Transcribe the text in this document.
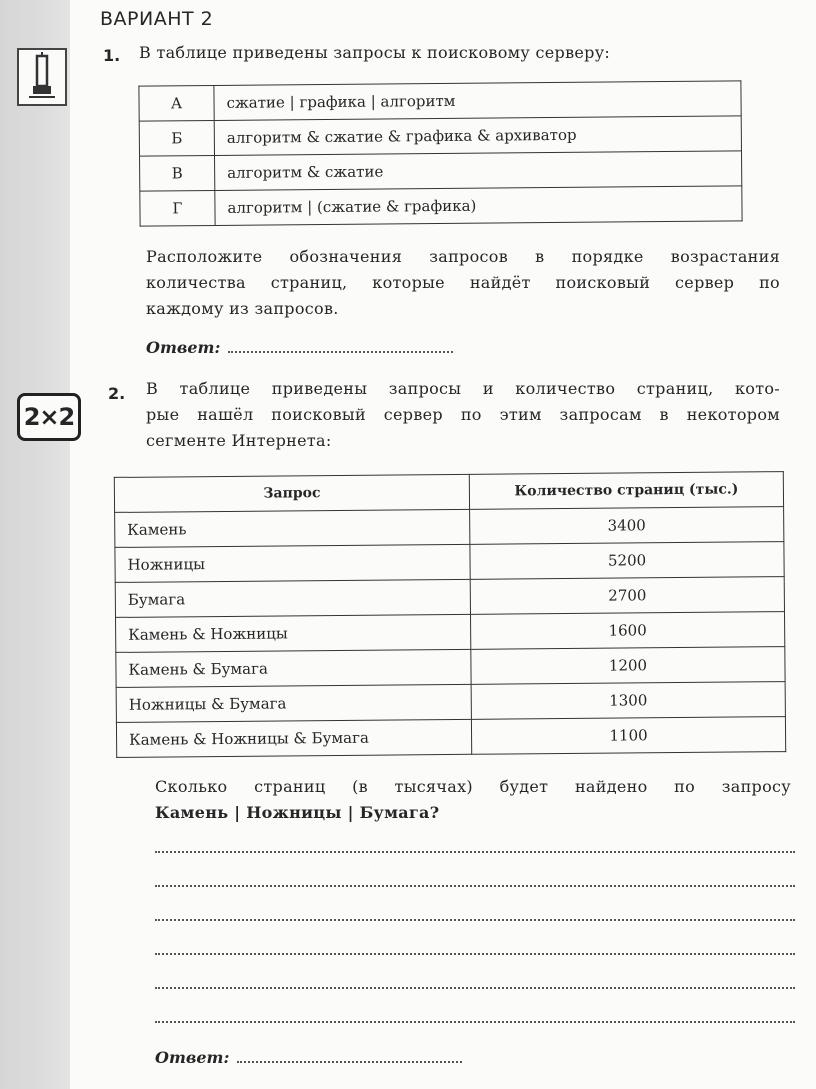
ВАРИАНТ 2
2×2
1. В таблице приведены запросы к поисковому серверу:
А	сжатие | графика | алгоритм
Б	алгоритм & сжатие & графика & архиватор
В	алгоритм & сжатие
Г	алгоритм | (сжатие & графика)
Расположите обозначения запросов в порядке возрастания
количества страниц, которые найдёт поисковый сервер по
каждому из запросов.
Ответ:
2. В таблице приведены запросы и количество страниц, кото-
рые нашёл поисковый сервер по этим запросам в некотором
сегменте Интернета:
Запрос	Количество страниц (тыс.)
Камень	3400
Ножницы	5200
Бумага	2700
Камень & Ножницы	1600
Камень & Бумага	1200
Ножницы & Бумага	1300
Камень & Ножницы & Бумага	1100
Сколько страниц (в тысячах) будет найдено по запросу
Камень | Ножницы | Бумага?
Ответ:
